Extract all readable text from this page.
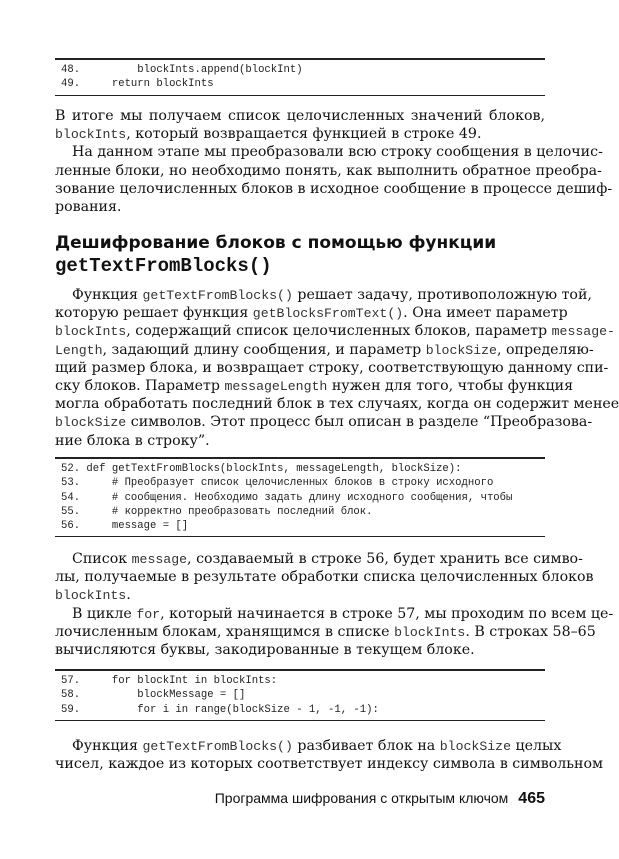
48.         blockInts.append(blockInt)
49.     return blockInts
В итоге мы получаем список целочисленных значений блоков,
blockInts, который возвращается функцией в строке 49.
На данном этапе мы преобразовали всю строку сообщения в целочис-
ленные блоки, но необходимо понять, как выполнить обратное преобра-
зование целочисленных блоков в исходное сообщение в процессе дешиф-
рования.
Дешифрование блоков с помощью функции
getTextFromBlocks()
Функция getTextFromBlocks() решает задачу, противоположную той,
которую решает функция getBlocksFromText(). Она имеет параметр
blockInts, содержащий список целочисленных блоков, параметр message-
Length, задающий длину сообщения, и параметр blockSize, определяю-
щий размер блока, и возвращает строку, соответствующую данному спи-
ску блоков. Параметр messageLength нужен для того, чтобы функция
могла обработать последний блок в тех случаях, когда он содержит менее
blockSize символов. Этот процесс был описан в разделе “Преобразова-
ние блока в строку”.
52. def getTextFromBlocks(blockInts, messageLength, blockSize):
53.     # Преобразует список целочисленных блоков в строку исходного
54.     # сообщения. Необходимо задать длину исходного сообщения, чтобы
55.     # корректно преобразовать последний блок.
56.     message = []
Список message, создаваемый в строке 56, будет хранить все симво-
лы, получаемые в результате обработки списка целочисленных блоков
blockInts.
В цикле for, который начинается в строке 57, мы проходим по всем це-
лочисленным блокам, хранящимся в списке blockInts. В строках 58–65
вычисляются буквы, закодированные в текущем блоке.
57.     for blockInt in blockInts:
58.         blockMessage = []
59.         for i in range(blockSize - 1, -1, -1):
Функция getTextFromBlocks() разбивает блок на blockSize целых
чисел, каждое из которых соответствует индексу символа в символьном
Программа шифрования с открытым ключом 465
